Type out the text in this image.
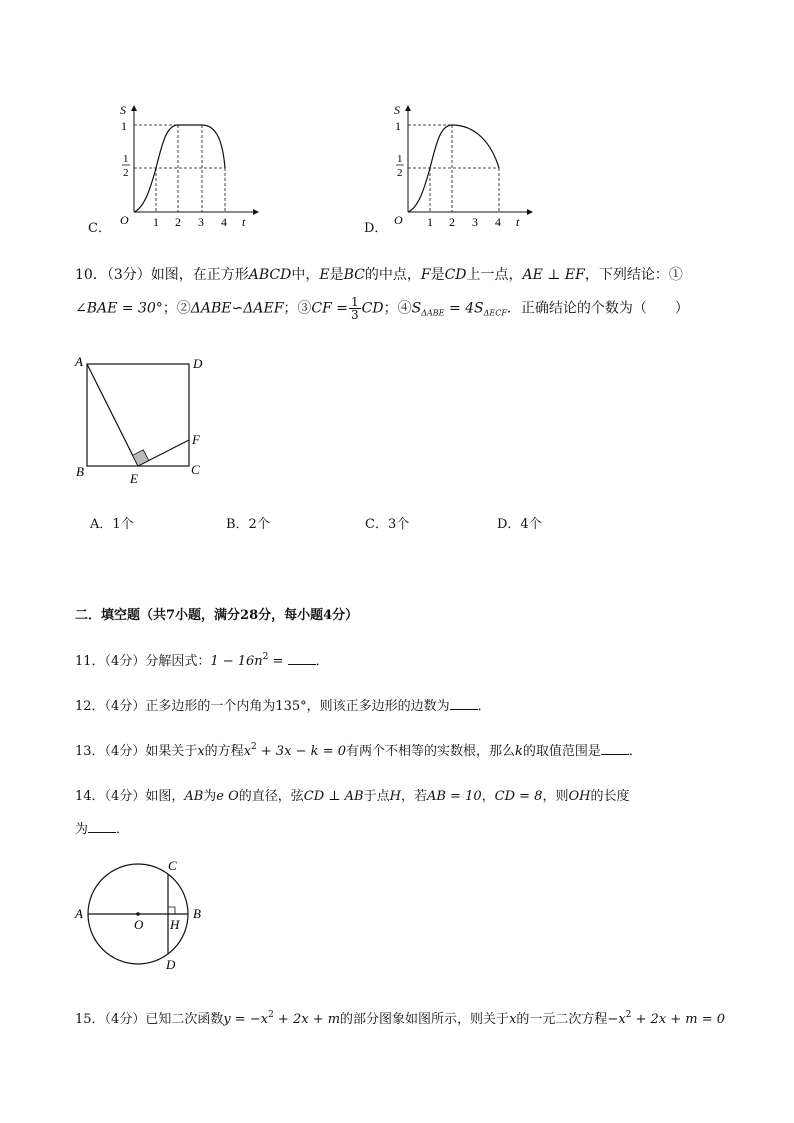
C．
S
t
O
1
1
2
1 2 3 4	D．
S
t
O
1
1
2
1 2 3 4
10．（3分）如图，在正方形ABCD中，E是BC的中点，F是CD上一点，AE ⊥ EF，下列结论：①
∠BAE = 30°；②ΔABE∽ΔAEF；③CF = $\frac{1}{3}$ CD；$④S_{\Delta ABE} = 4S_{\Delta ECF}$．正确结论的个数为（　　）
A	D
B	C
E
F
A．1个	B．2个	C．3个	D．4个
二．填空题（共7小题，满分28分，每小题4分）
11．（4分）分解因式：$1 - 16n^2$ = ．
12．（4分）正多边形的一个内角为135°，则该正多边形的边数为 ．
13．（4分）如果关于x的方程$x^2 + 3x - k = 0$有两个不相等的实数根，那么k的取值范围是 ．
14．（4分）如图，AB为e O的直径，弦CD ⊥ AB于点H，若AB = 10，CD = 8，则OH的长度
为 ．
A	B
C
D
O H
15．（4分）已知二次函数$y = -x^2 + 2x + m$的部分图象如图所示，则关于x的一元二次方程$-x^2 + 2x + m = 0$
